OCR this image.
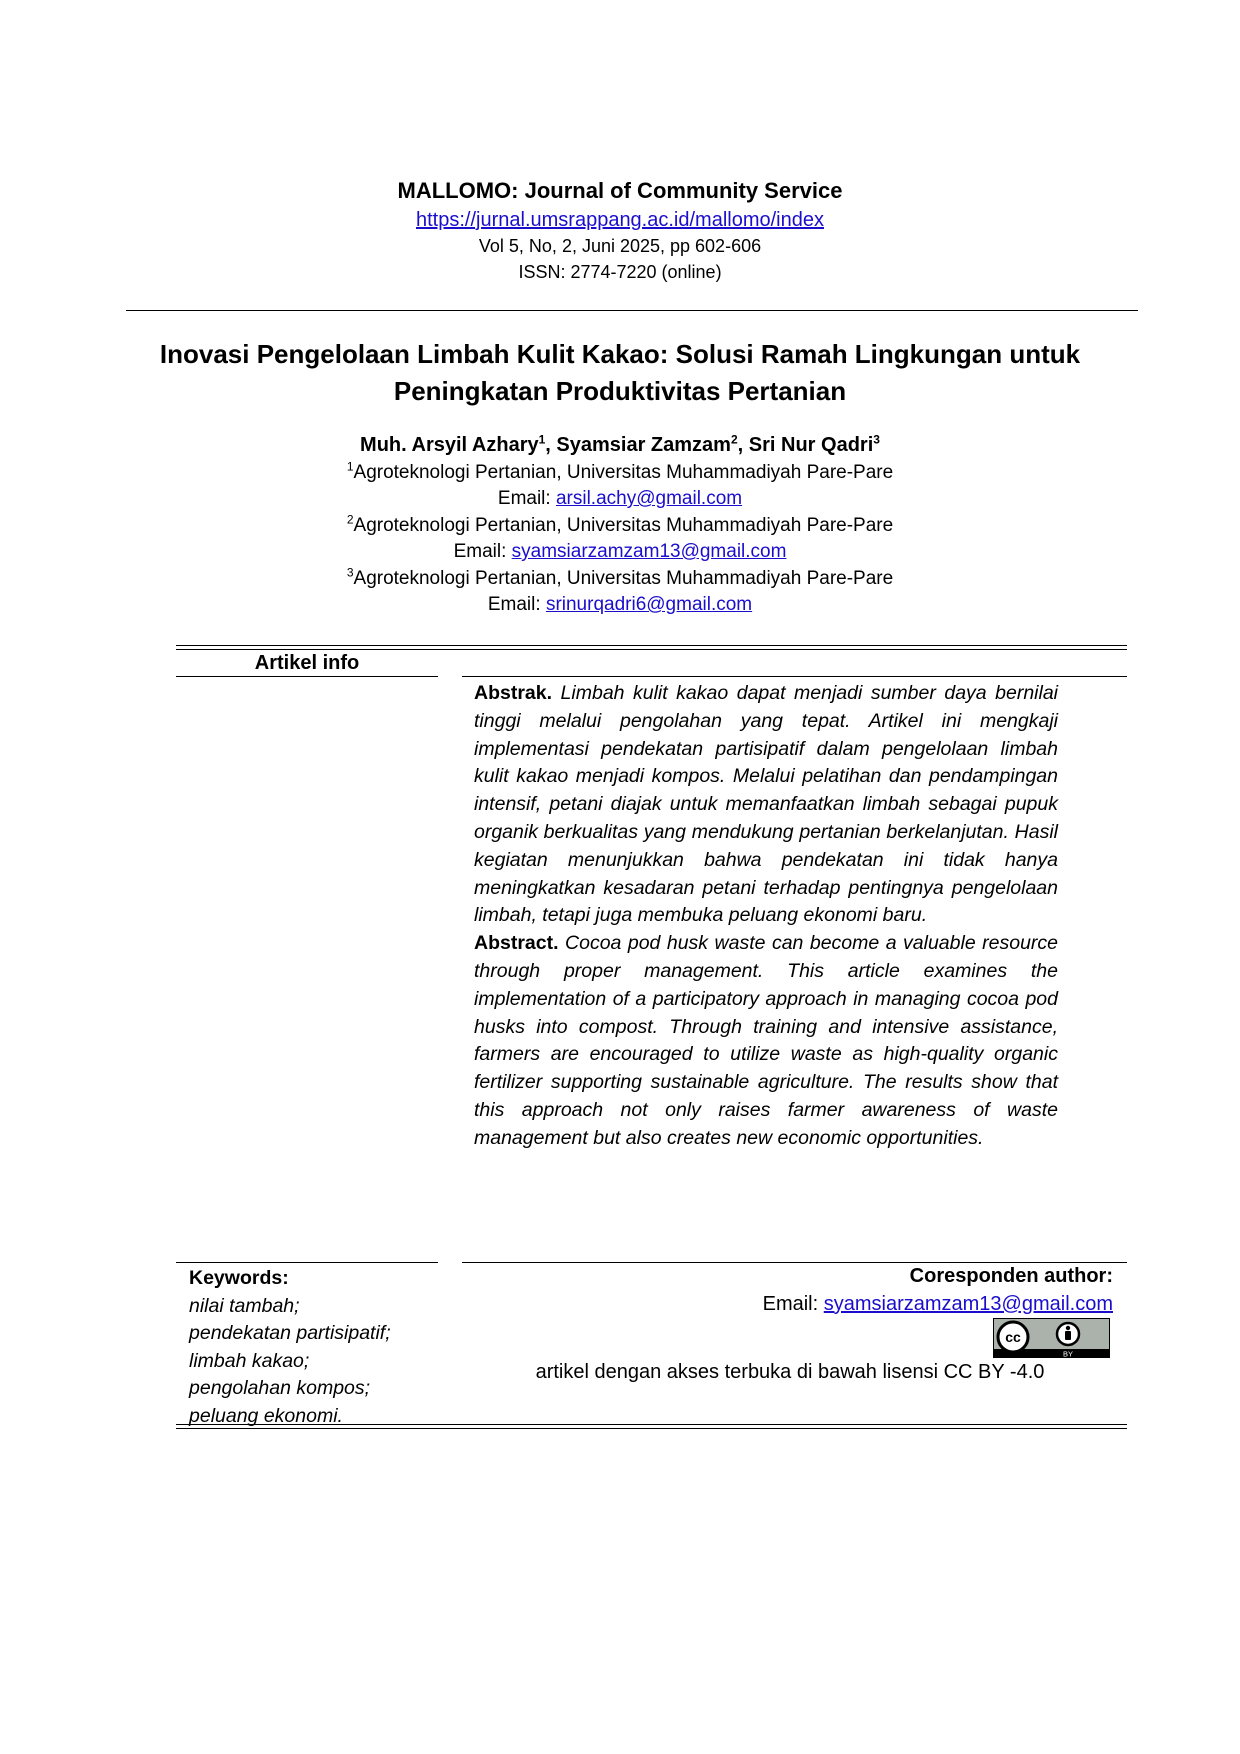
MALLOMO: Journal of Community Service
https://jurnal.umsrappang.ac.id/mallomo/index
Vol 5, No, 2, Juni 2025, pp 602-606
ISSN: 2774-7220 (online)
Inovasi Pengelolaan Limbah Kulit Kakao: Solusi Ramah Lingkungan untuk
Peningkatan Produktivitas Pertanian
Muh. Arsyil Azhary$^1$, Syamsiar Zamzam$^2$, Sri Nur Qadri$^3$
$^1$Agroteknologi Pertanian, Universitas Muhammadiyah Pare-Pare
Email: arsil.achy@gmail.com
$^2$Agroteknologi Pertanian, Universitas Muhammadiyah Pare-Pare
Email: syamsiarzamzam13@gmail.com
$^3$Agroteknologi Pertanian, Universitas Muhammadiyah Pare-Pare
Email: srinurqadri6@gmail.com
Artikel info

Abstrak. Limbah kulit kakao dapat menjadi sumber daya bernilai tinggi melalui pengolahan yang tepat. Artikel ini mengkaji implementasi pendekatan partisipatif dalam pengelolaan limbah kulit kakao menjadi kompos. Melalui pelatihan dan pendampingan intensif, petani diajak untuk memanfaatkan limbah sebagai pupuk organik berkualitas yang mendukung pertanian berkelanjutan. Hasil kegiatan menunjukkan bahwa pendekatan ini tidak hanya meningkatkan kesadaran petani terhadap pentingnya pengelolaan limbah, tetapi juga membuka peluang ekonomi baru.

Abstract. Cocoa pod husk waste can become a valuable resource through proper management. This article examines the implementation of a participatory approach in managing cocoa pod husks into compost. Through training and intensive assistance, farmers are encouraged to utilize waste as high-quality organic fertilizer supporting sustainable agriculture. The results show that this approach not only raises farmer awareness of waste management but also creates new economic opportunities.

Keywords:
nilai tambah;
pendekatan partisipatif;
limbah kakao;
pengolahan kompos;
peluang ekonomi.
Coresponden author:
Email: syamsiarzamzam13@gmail.com
cc
BY
artikel dengan akses terbuka di bawah lisensi CC BY -4.0
